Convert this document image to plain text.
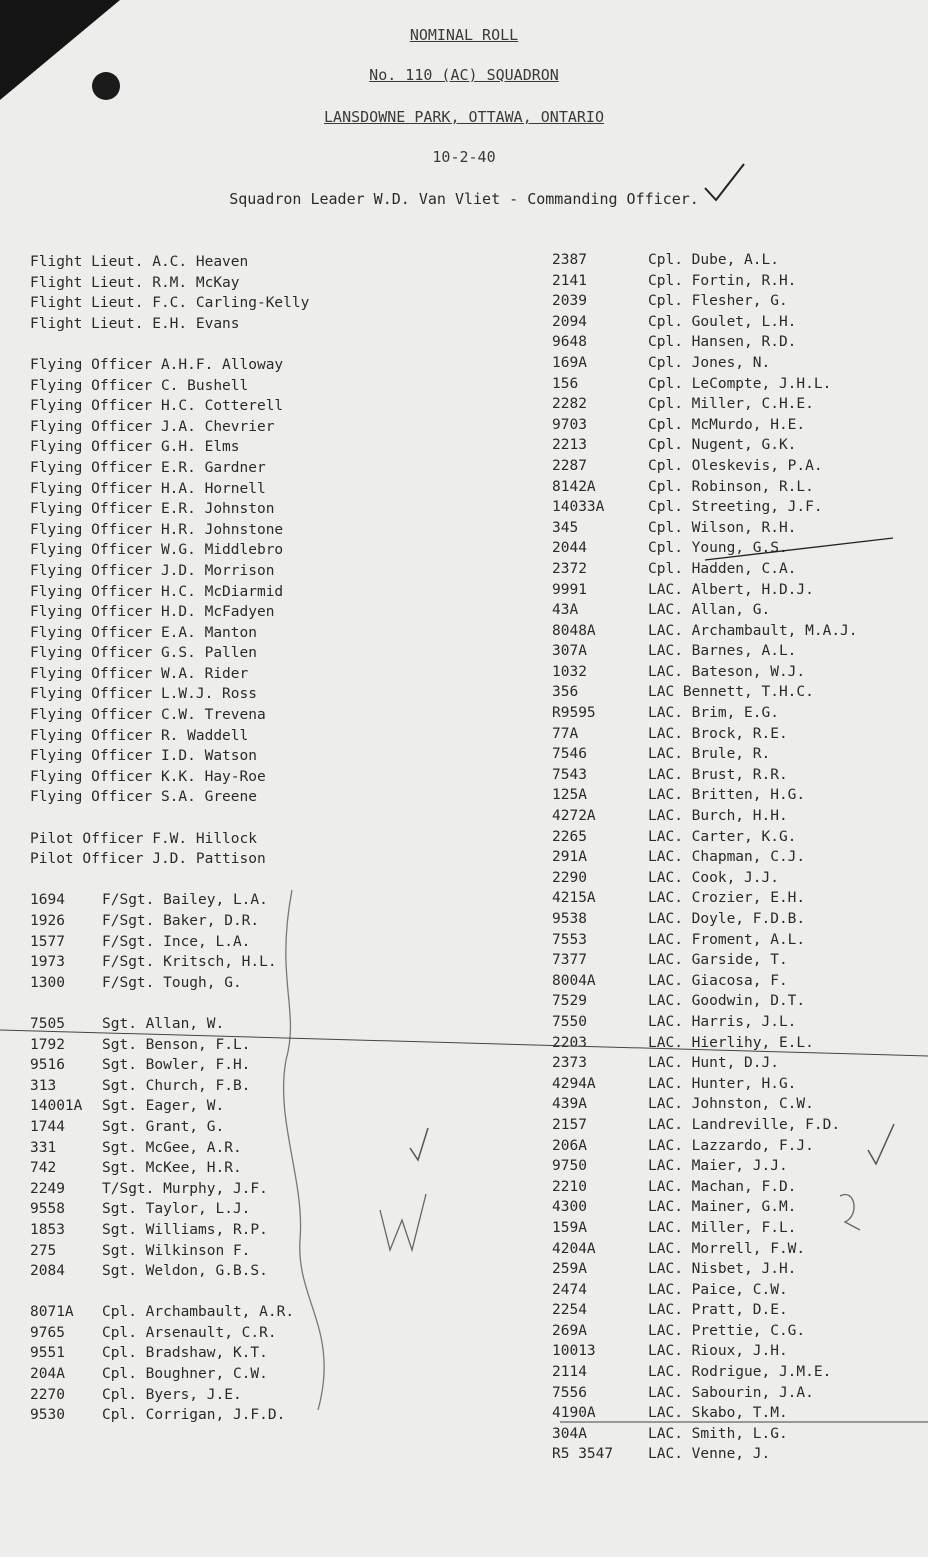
NOMINAL ROLL
No. 110 (AC) SQUADRON
LANSDOWNE PARK, OTTAWA, ONTARIO
10-2-40
Squadron Leader W.D. Van Vliet - Commanding Officer.
Flight Lieut. A.C. Heaven
Flight Lieut. R.M. McKay
Flight Lieut. F.C. Carling-Kelly
Flight Lieut. E.H. Evans
Flying Officer A.H.F. Alloway
Flying Officer C. Bushell
Flying Officer H.C. Cotterell
Flying Officer J.A. Chevrier
Flying Officer G.H. Elms
Flying Officer E.R. Gardner
Flying Officer H.A. Hornell
Flying Officer E.R. Johnston
Flying Officer H.R. Johnstone
Flying Officer W.G. Middlebro
Flying Officer J.D. Morrison
Flying Officer H.C. McDiarmid
Flying Officer H.D. McFadyen
Flying Officer E.A. Manton
Flying Officer G.S. Pallen
Flying Officer W.A. Rider
Flying Officer L.W.J. Ross
Flying Officer C.W. Trevena
Flying Officer R. Waddell
Flying Officer I.D. Watson
Flying Officer K.K. Hay-Roe
Flying Officer S.A. Greene
Pilot Officer F.W. Hillock
Pilot Officer J.D. Pattison
1694	F/Sgt. Bailey, L.A.
1926	F/Sgt. Baker, D.R.
1577	F/Sgt. Ince, L.A.
1973	F/Sgt. Kritsch, H.L.
1300	F/Sgt. Tough, G.
7505	Sgt. Allan, W.
1792	Sgt. Benson, F.L.
9516	Sgt. Bowler, F.H.
313	Sgt. Church, F.B.
14001A Sgt. Eager, W.
1744	Sgt. Grant, G.
331	Sgt. McGee, A.R.
742	Sgt. McKee, H.R.
2249	T/Sgt. Murphy, J.F.
9558	Sgt. Taylor, L.J.
1853	Sgt. Williams, R.P.
275	Sgt. Wilkinson F.
2084	Sgt. Weldon, G.B.S.
8071A Cpl. Archambault, A.R.
9765	Cpl. Arsenault, C.R.
9551	Cpl. Bradshaw, K.T.
204A	Cpl. Boughner, C.W.
2270	Cpl. Byers, J.E.
9530	Cpl. Corrigan, J.F.D.
2387	Cpl. Dube, A.L.
2141	Cpl. Fortin, R.H.
2039	Cpl. Flesher, G.
2094	Cpl. Goulet, L.H.
9648	Cpl. Hansen, R.D.
169A	Cpl. Jones, N.
156	Cpl. LeCompte, J.H.L.
2282	Cpl. Miller, C.H.E.
9703	Cpl. McMurdo, H.E.
2213	Cpl. Nugent, G.K.
2287	Cpl. Oleskevis, P.A.
8142A	Cpl. Robinson, R.L.
14033A	Cpl. Streeting, J.F.
345	Cpl. Wilson, R.H.
2044	Cpl. Young, G.S.
2372	Cpl. Hadden, C.A.
9991	LAC. Albert, H.D.J.
43A	LAC. Allan, G.
8048A	LAC. Archambault, M.A.J.
307A	LAC. Barnes, A.L.
1032	LAC. Bateson, W.J.
356	LAC Bennett, T.H.C.
R9595	LAC. Brim, E.G.
77A	LAC. Brock, R.E.
7546	LAC. Brule, R.
7543	LAC. Brust, R.R.
125A	LAC. Britten, H.G.
4272A	LAC. Burch, H.H.
2265	LAC. Carter, K.G.
291A	LAC. Chapman, C.J.
2290	LAC. Cook, J.J.
4215A	LAC. Crozier, E.H.
9538	LAC. Doyle, F.D.B.
7553	LAC. Froment, A.L.
7377	LAC. Garside, T.
8004A	LAC. Giacosa, F.
7529	LAC. Goodwin, D.T.
7550	LAC. Harris, J.L.
2203	LAC. Hierlihy, E.L.
2373	LAC. Hunt, D.J.
4294A	LAC. Hunter, H.G.
439A	LAC. Johnston, C.W.
2157	LAC. Landreville, F.D.
206A	LAC. Lazzardo, F.J.
9750	LAC. Maier, J.J.
2210	LAC. Machan, F.D.
4300	LAC. Mainer, G.M.
159A	LAC. Miller, F.L.
4204A	LAC. Morrell, F.W.
259A	LAC. Nisbet, J.H.
2474	LAC. Paice, C.W.
2254	LAC. Pratt, D.E.
269A	LAC. Prettie, C.G.
10013	LAC. Rioux, J.H.
2114	LAC. Rodrigue, J.M.E.
7556	LAC. Sabourin, J.A.
4190A	LAC. Skabo, T.M.
304A	LAC. Smith, L.G.
R5 3547 LAC. Venne, J.
